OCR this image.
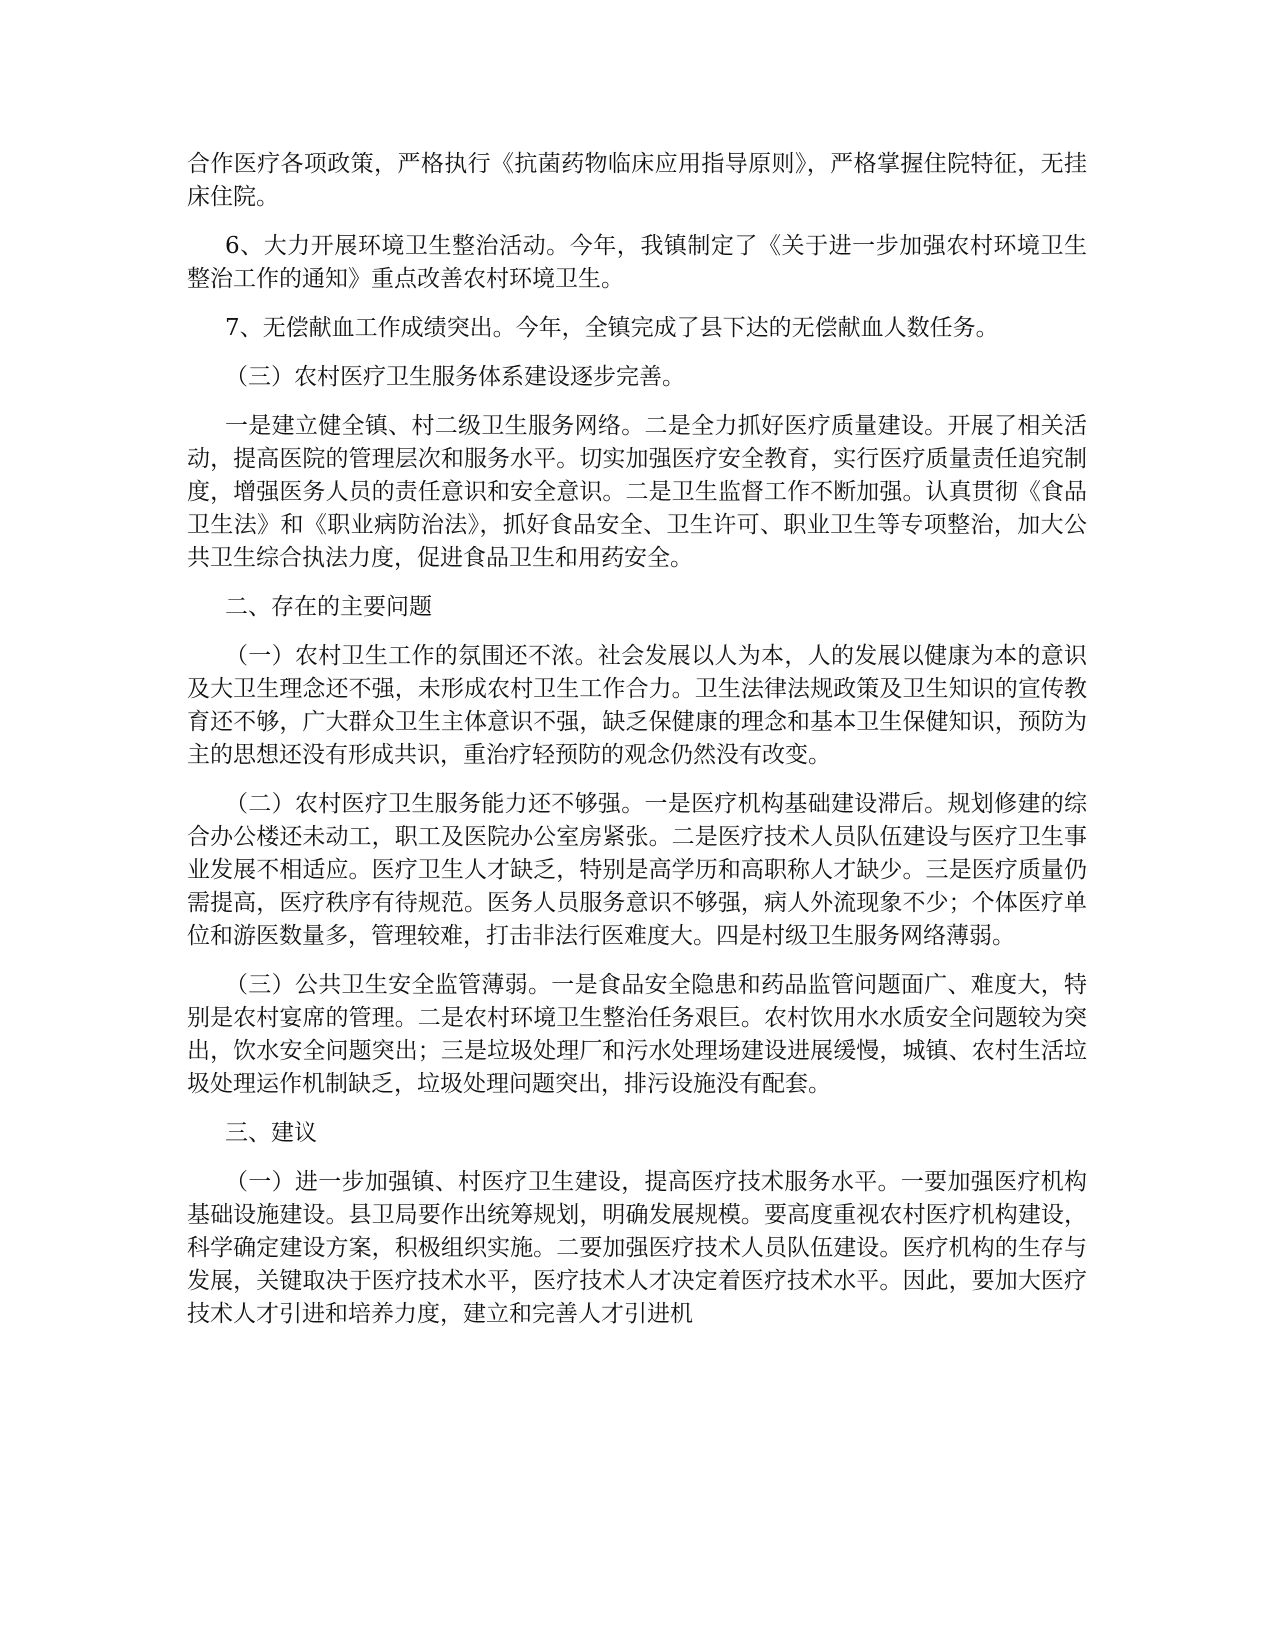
合作医疗各项政策，严格执行《抗菌药物临床应用指导原则》，严格掌握住院特征，无挂床住院。

6、大力开展环境卫生整治活动。今年，我镇制定了《关于进一步加强农村环境卫生整治工作的通知》重点改善农村环境卫生。

7、无偿献血工作成绩突出。今年，全镇完成了县下达的无偿献血人数任务。

（三）农村医疗卫生服务体系建设逐步完善。

一是建立健全镇、村二级卫生服务网络。二是全力抓好医疗质量建设。开展了相关活动，提高医院的管理层次和服务水平。切实加强医疗安全教育，实行医疗质量责任追究制度，增强医务人员的责任意识和安全意识。二是卫生监督工作不断加强。认真贯彻《食品卫生法》和《职业病防治法》，抓好食品安全、卫生许可、职业卫生等专项整治，加大公共卫生综合执法力度，促进食品卫生和用药安全。

二、存在的主要问题

（一）农村卫生工作的氛围还不浓。社会发展以人为本，人的发展以健康为本的意识及大卫生理念还不强，未形成农村卫生工作合力。卫生法律法规政策及卫生知识的宣传教育还不够，广大群众卫生主体意识不强，缺乏保健康的理念和基本卫生保健知识，预防为主的思想还没有形成共识，重治疗轻预防的观念仍然没有改变。

（二）农村医疗卫生服务能力还不够强。一是医疗机构基础建设滞后。规划修建的综合办公楼还未动工，职工及医院办公室房紧张。二是医疗技术人员队伍建设与医疗卫生事业发展不相适应。医疗卫生人才缺乏，特别是高学历和高职称人才缺少。三是医疗质量仍需提高，医疗秩序有待规范。医务人员服务意识不够强，病人外流现象不少；个体医疗单位和游医数量多，管理较难，打击非法行医难度大。四是村级卫生服务网络薄弱。

（三）公共卫生安全监管薄弱。一是食品安全隐患和药品监管问题面广、难度大，特别是农村宴席的管理。二是农村环境卫生整治任务艰巨。农村饮用水水质安全问题较为突出，饮水安全问题突出；三是垃圾处理厂和污水处理场建设进展缓慢，城镇、农村生活垃圾处理运作机制缺乏，垃圾处理问题突出，排污设施没有配套。

三、建议

（一）进一步加强镇、村医疗卫生建设，提高医疗技术服务水平。一要加强医疗机构基础设施建设。县卫局要作出统筹规划，明确发展规模。要高度重视农村医疗机构建设，科学确定建设方案，积极组织实施。二要加强医疗技术人员队伍建设。医疗机构的生存与发展，关键取决于医疗技术水平，医疗技术人才决定着医疗技术水平。因此，要加大医疗技术人才引进和培养力度，建立和完善人才引进机
